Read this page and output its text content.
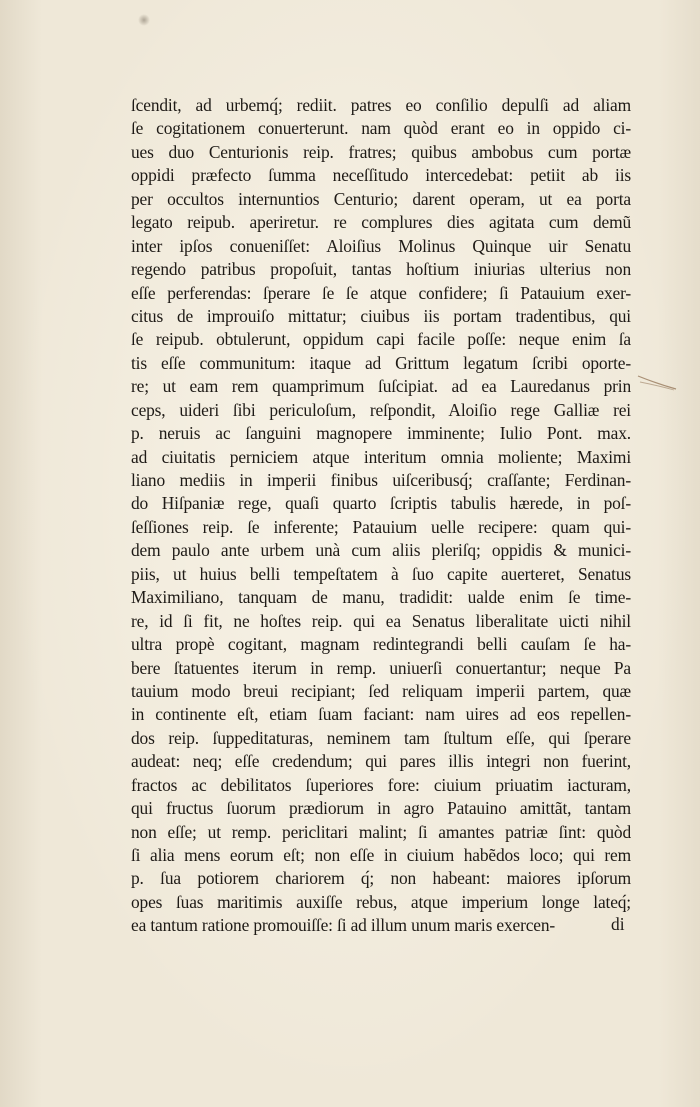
ſcendit, ad urbemq́; rediit. patres eo conſilio depulſi ad aliam
ſe cogitationem conuerterunt. nam quòd erant eo in oppido ci-
ues duo Centurionis reip. fratres; quibus ambobus cum portæ
oppidi præfecto ſumma neceſſitudo intercedebat: petiit ab iis
per occultos internuntios Centurio; darent operam, ut ea porta
legato reipub. aperiretur. re complures dies agitata cum demũ
inter ipſos conueniſſet: Aloiſius Molinus Quinque uir Senatu
regendo patribus propoſuit, tantas hoſtium iniurias ulterius non
eſſe perferendas: ſperare ſe ſe atque confidere; ſi Patauium exer-
citus de improuiſo mittatur; ciuibus iis portam tradentibus, qui
ſe reipub. obtulerunt, oppidum capi facile poſſe: neque enim ſa
tis eſſe communitum: itaque ad Grittum legatum ſcribi oporte-
re; ut eam rem quamprimum ſuſcipiat. ad ea Lauredanus prin
ceps, uideri ſibi periculoſum, reſpondit, Aloiſio rege Galliæ rei
p. neruis ac ſanguini magnopere imminente; Iulio Pont. max.
ad ciuitatis perniciem atque interitum omnia moliente; Maximi
liano mediis in imperii finibus uiſceribusq́; craſſante; Ferdinan-
do Hiſpaniæ rege, quaſi quarto ſcriptis tabulis hærede, in poſ-
ſeſſiones reip. ſe inferente; Patauium uelle recipere: quam qui-
dem paulo ante urbem unà cum aliis pleriſq; oppidis & munici-
piis, ut huius belli tempeſtatem à ſuo capite auerteret, Senatus
Maximiliano, tanquam de manu, tradidit: ualde enim ſe time-
re, id ſi fit, ne hoſtes reip. qui ea Senatus liberalitate uicti nihil
ultra propè cogitant, magnam redintegrandi belli cauſam ſe ha-
bere ſtatuentes iterum in remp. uniuerſi conuertantur; neque Pa
tauium modo breui recipiant; ſed reliquam imperii partem, quæ
in continente eſt, etiam ſuam faciant: nam uires ad eos repellen-
dos reip. ſuppeditaturas, neminem tam ſtultum eſſe, qui ſperare
audeat: neq; eſſe credendum; qui pares illis integri non fuerint,
fractos ac debilitatos ſuperiores fore: ciuium priuatim iacturam,
qui fructus ſuorum prædiorum in agro Patauino amittãt, tantam
non eſſe; ut remp. periclitari malint; ſi amantes patriæ ſint: quòd
ſi alia mens eorum eſt; non eſſe in ciuium habẽdos loco; qui rem
p. ſua potiorem chariorem q́; non habeant: maiores ipſorum
opes ſuas maritimis auxiſſe rebus, atque imperium longe lateq́;
ea tantum ratione promouiſſe: ſi ad illum unum maris exercen-	di
